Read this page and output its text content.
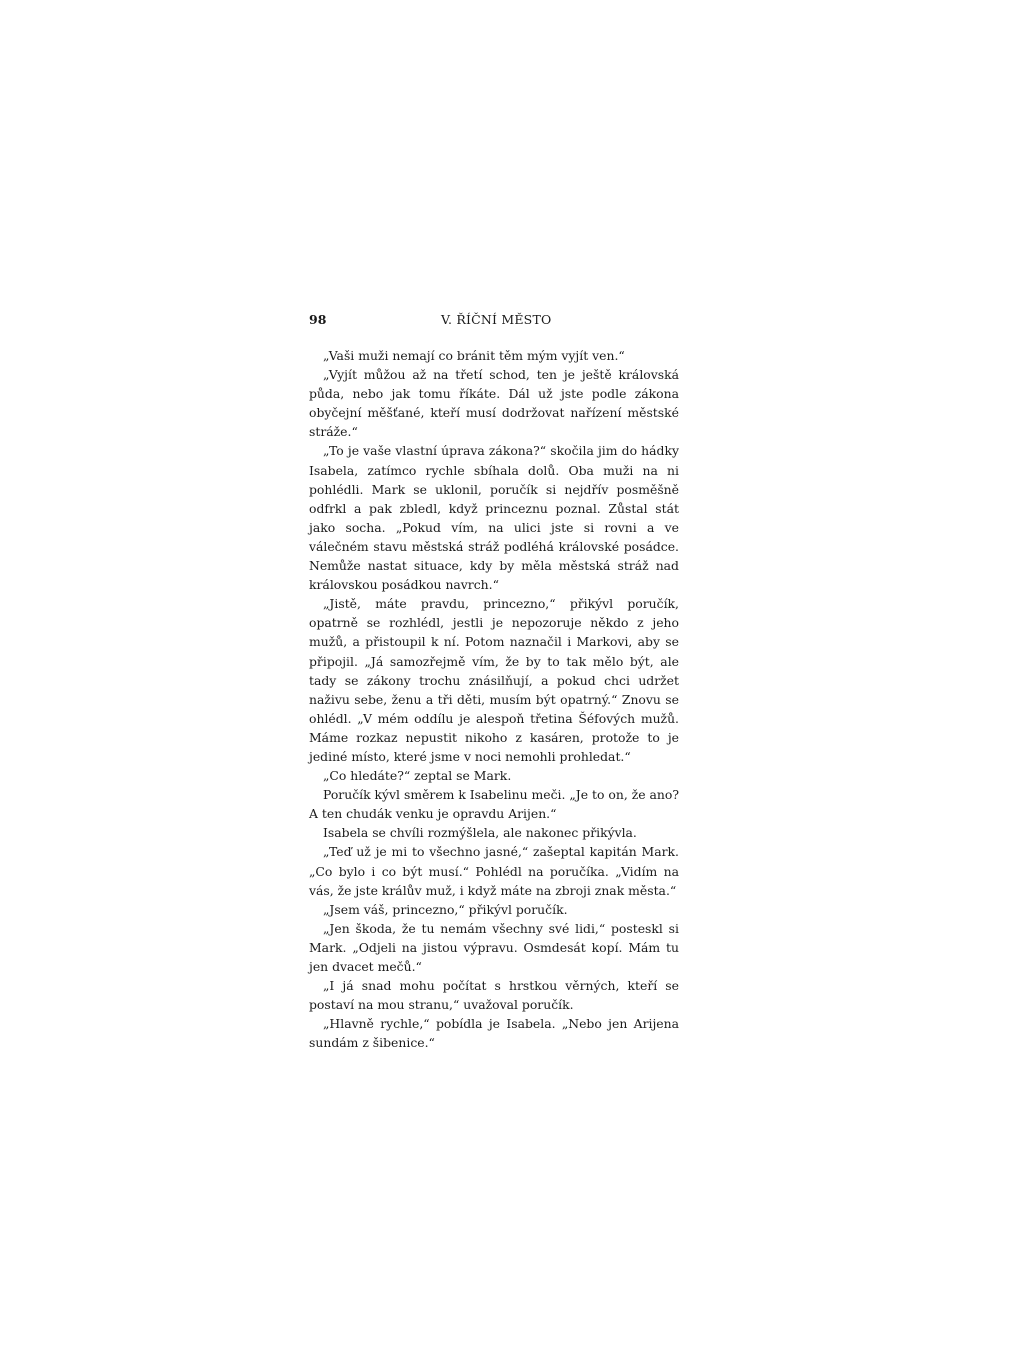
98	V. ŘÍČNÍ MĚSTO

„Vaši muži nemají co bránit těm mým vyjít ven.“

„Vyjít můžou až na třetí schod, ten je ještě královská půda, nebo jak tomu říkáte. Dál už jste podle zákona obyčejní měšťané, kteří musí dodržovat nařízení městské stráže.“

„To je vaše vlastní úprava zákona?“ skočila jim do hádky Isabela, zatímco rychle sbíhala dolů. Oba muži na ni pohlédli. Mark se uklonil, poručík si nejdřív posměšně odfrkl a pak zbledl, když princeznu poznal. Zůstal stát jako socha. „Pokud vím, na ulici jste si rovni a ve válečném stavu městská stráž podléhá královské posádce. Nemůže nastat situace, kdy by měla městská stráž nad královskou posádkou navrch.“

„Jistě, máte pravdu, princezno,“ přikývl poručík, opatrně se rozhlédl, jestli je nepozoruje někdo z jeho mužů, a přistoupil k ní. Potom naznačil i Markovi, aby se připojil. „Já samozřejmě vím, že by to tak mělo být, ale tady se zákony trochu znásilňují, a pokud chci udržet naživu sebe, ženu a tři děti, musím být opatrný.“ Znovu se ohlédl. „V mém oddílu je alespoň třetina Šéfových mužů. Máme rozkaz nepustit nikoho z kasáren, protože to je jediné místo, které jsme v noci nemohli prohledat.“

„Co hledáte?“ zeptal se Mark.

Poručík kývl směrem k Isabelinu meči. „Je to on, že ano? A ten chudák venku je opravdu Arijen.“

Isabela se chvíli rozmýšlela, ale nakonec přikývla.

„Teď už je mi to všechno jasné,“ zašeptal kapitán Mark. „Co bylo i co být musí.“ Pohlédl na poručíka. „Vidím na vás, že jste králův muž, i když máte na zbroji znak města.“

„Jsem váš, princezno,“ přikývl poručík.

„Jen škoda, že tu nemám všechny své lidi,“ posteskl si Mark. „Odjeli na jistou výpravu. Osmdesát kopí. Mám tu jen dvacet mečů.“

„I já snad mohu počítat s hrstkou věrných, kteří se postaví na mou stranu,“ uvažoval poručík.

„Hlavně rychle,“ pobídla je Isabela. „Nebo jen Arijena sundám z šibenice.“
